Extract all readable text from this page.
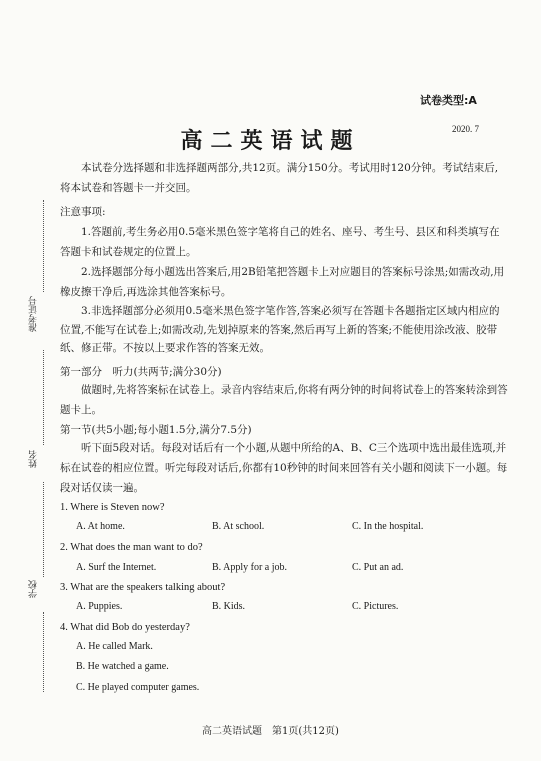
试卷类型:A
高二英语试题	2020. 7
本试卷分选择题和非选择题两部分,共12页。满分150分。考试用时120分钟。考试结束后,将本试卷和答题卡一并交回。
注意事项:
1.答题前,考生务必用0.5毫米黑色签字笔将自己的姓名、座号、考生号、县区和科类填写在答题卡和试卷规定的位置上。
2.选择题部分每小题选出答案后,用2B铅笔把答题卡上对应题目的答案标号涂黑;如需改动,用橡皮擦干净后,再选涂其他答案标号。
3.非选择题部分必须用0.5毫米黑色签字笔作答,答案必须写在答题卡各题指定区域内相应的位置,不能写在试卷上;如需改动,先划掉原来的答案,然后再写上新的答案;不能使用涂改液、胶带纸、修正带。不按以上要求作答的答案无效。
第一部分　听力(共两节;满分30分)
做题时,先将答案标在试卷上。录音内容结束后,你将有两分钟的时间将试卷上的答案转涂到答题卡上。
第一节(共5小题;每小题1.5分,满分7.5分)
听下面5段对话。每段对话后有一个小题,从题中所给的A、B、C三个选项中选出最佳选项,并标在试卷的相应位置。听完每段对话后,你都有10秒钟的时间来回答有关小题和阅读下一小题。每段对话仅读一遍。
1. Where is Steven now?
A. At home.	B. At school.	C. In the hospital.
2. What does the man want to do?
A. Surf the Internet.	B. Apply for a job.	C. Put an ad.
3. What are the speakers talking about?
A. Puppies.	B. Kids.	C. Pictures.
4. What did Bob do yesterday?
A. He called Mark.
B. He watched a game.
C. He played computer games.
高二英语试题　第1页(共12页)
准考证号
姓名
学校
